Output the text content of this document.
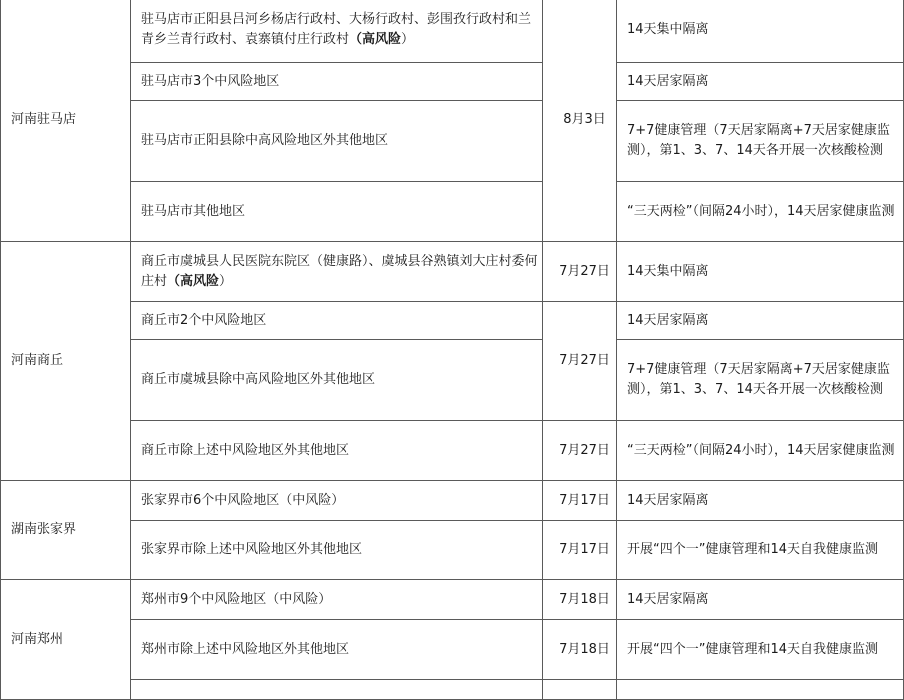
河南驻马店	驻马店市正阳县吕河乡杨店行政村、大杨行政村、彭围孜行政村和兰青乡兰青行政村、袁寨镇付庄行政村（高风险）	8月3日	14天集中隔离
	驻马店市3个中风险地区		14天居家隔离
	驻马店市正阳县除中高风险地区外其他地区		7+7健康管理（7天居家隔离+7天居家健康监测），第1、3、7、14天各开展一次核酸检测
	驻马店市其他地区		“三天两检”（间隔24小时），14天居家健康监测
河南商丘	商丘市虞城县人民医院东院区（健康路）、虞城县谷熟镇刘大庄村委何庄村（高风险）	7月27日	14天集中隔离
	商丘市2个中风险地区	7月27日	14天居家隔离
	商丘市虞城县除中高风险地区外其他地区		7+7健康管理（7天居家隔离+7天居家健康监测），第1、3、7、14天各开展一次核酸检测
	商丘市除上述中风险地区外其他地区	7月27日	“三天两检”（间隔24小时），14天居家健康监测
湖南张家界	张家界市6个中风险地区（中风险）	7月17日	14天居家隔离
	张家界市除上述中风险地区外其他地区	7月17日	开展“四个一”健康管理和14天自我健康监测
河南郑州	郑州市9个中风险地区（中风险）	7月18日	14天居家隔离
	郑州市除上述中风险地区外其他地区	7月18日	开展“四个一”健康管理和14天自我健康监测
